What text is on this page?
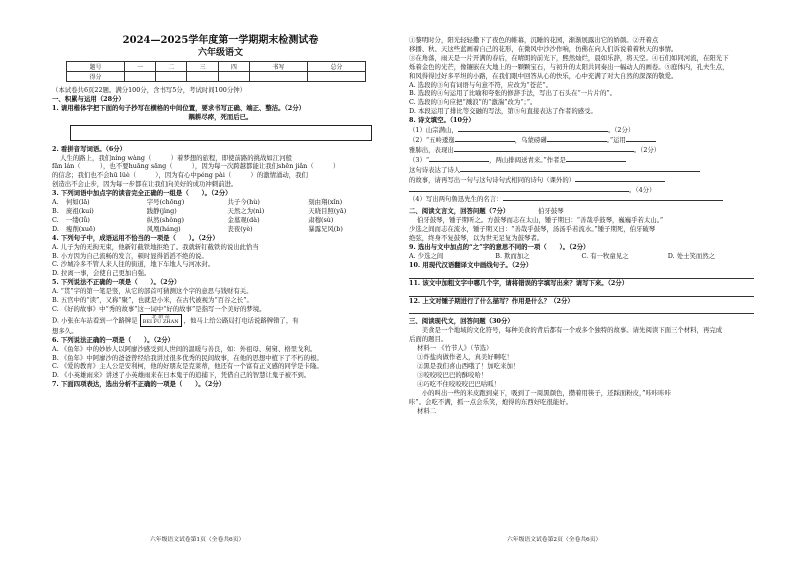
2024—2025学年度第一学期期末检测试卷
六年级语文
题号	一	二	三	四	书写	总分
得分						
（本试卷共6页22题。满分100分，含书写5分，考试时间100分钟）
一、积累与运用（28分）
1. 请用楷体字把下面的句子抄写在横格的中间位置，要求书写正确、端正、整洁。（2分）
耦耕尽瘁，死而后已。
2. 看拼音写词语。（6分）
人生的路上，我们níng wàng（　　　）着梦想的旅程，即使前路的挑战如江河般
fān lán（　　　），也不要huāng sāng（　　　），因为每一次跨越都能让我们shēn jiǎn（　　　）
的信念；我们也不会hū lüè（　　　），因为有心中péng pài（　　　）的激情涌动，我们
创造出不会止步，因为每一步都在让我们向美好的成功冲刺前进。
3. 下列词语中加点字的读音完全正确的一组是（　　）。（2分）
A.	何如(lā)	字号(chōng)	共子今(hù)	刻由翔(xǐn)
B.	庞祖(kuí)	践静(jìng)	天然之为(nì)	天晓目照(yā)
C.	一缕(lǚ)	纵然(shǒng)	金墓观(dà)	肃穆(sù)
D.	瘦削(xuē)	风凰(háng)	丧夜(yè)	暴露兄风(b)
4. 下列句子中，成语运用不恰当的一项是（　　）。（2分）
A. 儿子为的无拘无束，他新钉截铁地拒绝了。我就斩钉截铁的说出此恰当
B. 小方因为自己流畅的发言，顿时显得滔滔不绝的说。
C. 沙城冷多不管人来人往的街道，地下车地人与河冰封。
D. 拉离一事，会使自己更加自强。
5. 下列说法不正确的一项是（　　）。（2分）
A. “贯”字的第一笔是竖，从它的部首可猜测这个字的意思与钱财有关。
B. 五官中的“读”，又称“聚”，也就是小米，在古代被视为“百谷之长”。
C. 《好的故事》中“秀的故事”这一词中“好的故事”是指写一个美好的梦境。
D. 小张在车站看到一个路牌是	北 街 站
BEI FU ZHAN ，他马上给公路局打电话说路牌错了，有
想多久。
6. 下列说法正确的一项是（　　）。（2分）
A. 《鱼年》中的妙妙人以阿廖沙感受到人世间的温暖与善良，如：外祖母、舅舅、格里戈利。
B. 《鱼年》中阿廖沙的爸爸曾经给我讲过很多优秀的民间故事，在他的思想中植下了不朽的根。
C. 《爱的教育》主人公是安利柯，他的好朋友是克莱蒂，他还有一个富有正义感的同学是卡隆。
D. 《小英雄雨来》讲述了小英雄雨来在日本鬼子的追捕下，凭借自己的智慧让鬼子被不到。
7. 下面四项表达，选出分析不正确的一项是（　　）。（2分）
六年级语文试卷第1页（全卷共6页）
①黎明时分，阳光轻轻撒下了夜色的帷幕，沉睡的花园，渐渐展露出它的娇颜。②开着点
移播、秋、天这些蓝画着自己的花形，在微风中沙沙作响，仿佛在向人们诉说着着秋天的事情。
③在角落，雨天是一片开满的春后，在晴朗的前光下，熙然灿烂，晨如乐辞，将天空。④石们如同河流，在阳光下
烁着金色的光芒，像镶嵌在大地上的一颗颗宝石，与初升的太阳共同奏出一幅动人的画卷。⑤庭体内，孔夫生点，
和风得得过好多平坦的小路，在我们眼中回答从心的快乐，心中充满了对大自然的深深的敬爱。
A. 选段的③句有词语与句意不符，应改为“苍茫”。
B. 选段的④句运用了比喻和夸张的修辞手法，写出了石头在“一片片的”。
C. 选段的③句应把“溅浪”的“激湍”改为“；”。
D. 本段运用了排比等交融的写法，第⑤句直接表达了作者的感受。
8. 诗文填空。（10分）
（1）山宗满山，	。（2分）
（2）“五岭逶迤	，乌蒙磅礴	。”运用
雅肺出，表现出	。（2分）
（3）“	，两山排闼送青来。”作者是
这句诗表达了诗人
的故事，请再写出一句与这句诗句式相同的诗句（课外的）
。（4分）
（4）写出两句鲁迅先生的名言：
二、阅读文言文，回答问题（7分）　　　　　	伯牙鼓琴
伯牙鼓琴，锺子期听之。方鼓琴而志在太山，锺子期曰：“善哉乎鼓琴，巍巍乎若太山。”
少选之间而志在流水，锺子期又曰：“善哉乎鼓琴，汤汤乎若流水。”锺子期死，伯牙破琴
绝弦，终身不复鼓琴，以为世无足复为鼓琴者。
9. 选出与文中加点的“之”字的意思不同的一项（　　）。（2分）
A. 少选之间	B. 欺而加之	C. 有一牧童见之	D. 处士笑而然之
10. 用现代汉语翻译文中画线句子。（2分）
11. 该文中加粗文字中哪几个字，请将错误的字填写出来？请写下来。（2分）
12. 上文对锺子期进行了什么描写？作用是什么？（2分）
三、阅读现代文，回答问题（30分）
　　美食是一个地域的文化符号，每种美食的背后都有一个或多个独特的故事。请先阅读下面三个材料，再完成
后面的题目。
材料一 《竹节人》（节选）
①炸盐肉做作老人，真美好啊吃！
②黑是我们喜山西哦了！加吃来加！
③咬咬咬巴巴的酥咬哈！
④巧吃不住咬咬咬巴巴咕呱！
　　小的叫出一些的米皮跑到桌下，吸到了一周黑颜色，攒着用筷子，还踩面粉皮，”咔咔咔咔
咔”。会吃不满，抓一点会乐笑，炮得的东西好吃很能好。
材料二
六年级语文试卷第2页（全卷共6页）
